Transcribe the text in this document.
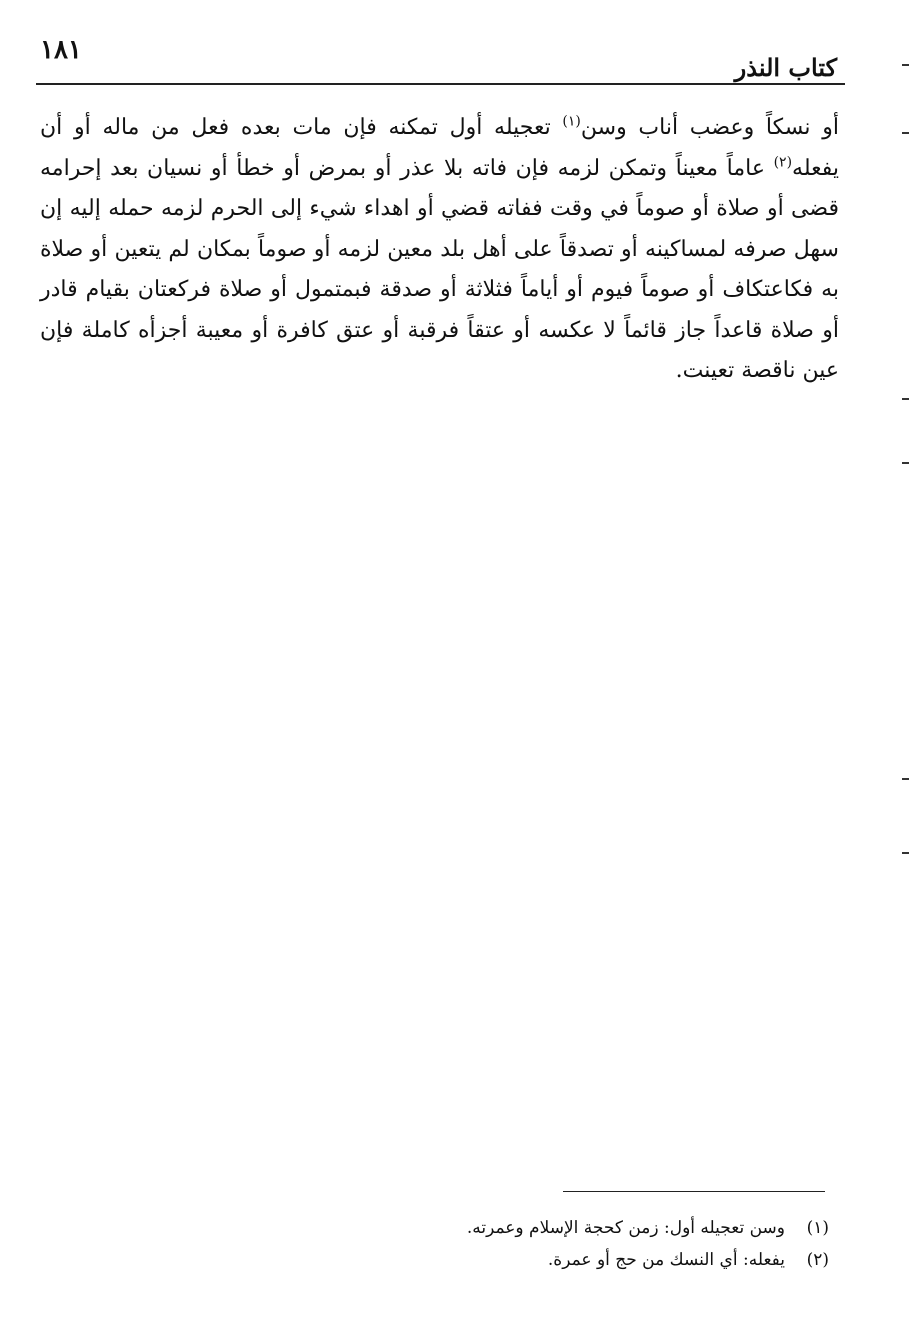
١٨١
كتاب النذر

أو نسكاً وعضب أناب وسن$^{(١)}$ تعجيله أول تمكنه فإن مات بعده فعل من ماله أو أن يفعله$^{(٢)}$ عاماً معيناً وتمكن لزمه فإن فاته بلا عذر أو بمرض أو خطأ أو نسيان بعد إحرامه قضى أو صلاة أو صوماً في وقت ففاته قضي أو اهداء شيء إلى الحرم لزمه حمله إليه إن سهل صرفه لمساكينه أو تصدقاً على أهل بلد معين لزمه أو صوماً بمكان لم يتعين أو صلاة به فكاعتكاف أو صوماً فيوم أو أياماً فثلاثة أو صدقة فبمتمول أو صلاة فركعتان بقيام قادر أو صلاة قاعداً جاز قائماً لا عكسه أو عتقاً فرقبة أو عتق كافرة أو معيبة أجزأه كاملة فإن عين ناقصة تعينت.

(١)وسن تعجيله أول: زمن كحجة الإسلام وعمرته.
(٢)يفعله: أي النسك من حج أو عمرة.
